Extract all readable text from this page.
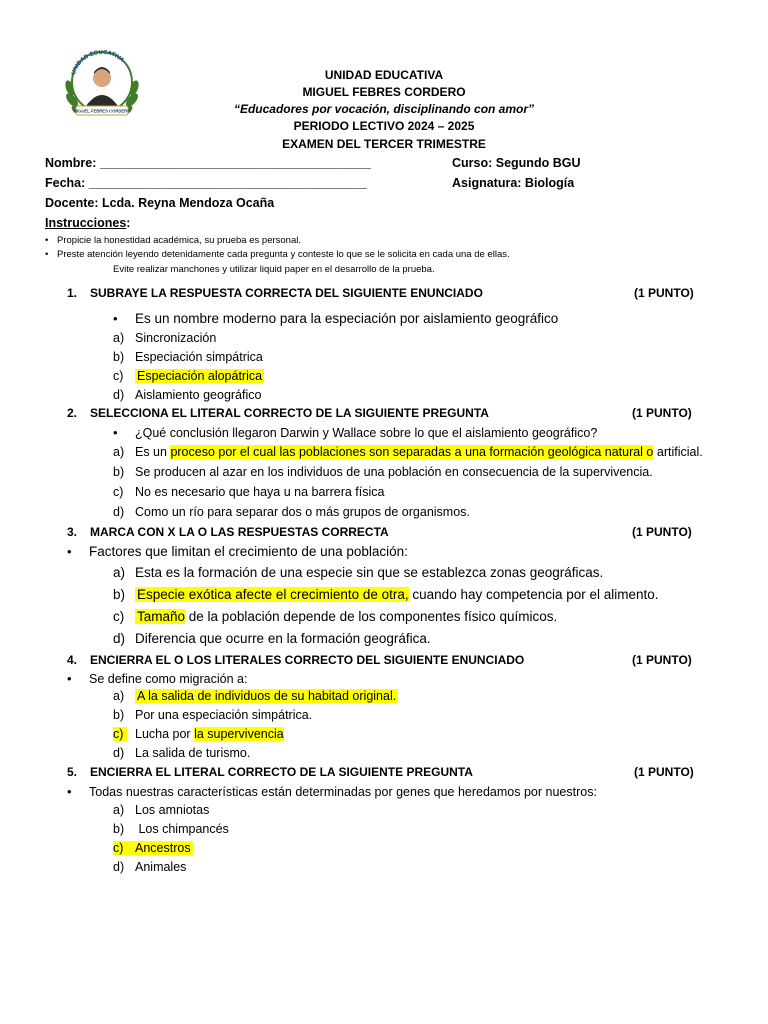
UNIDAD EDUCATIVA
MIGUEL FEBRES CORDERO
UNIDAD EDUCATIVA
MIGUEL FEBRES CORDERO
“Educadores por vocación, disciplinando con amor”
PERIODO LECTIVO 2024 – 2025
EXAMEN DEL TERCER TRIMESTRE
Nombre: _______________________________________	Curso: Segundo BGU
Fecha: ________________________________________	Asignatura: Biología
Docente: Lcda. Reyna Mendoza Ocaña
Instrucciones:
• Propicie la honestidad académica, su prueba es personal.
• Preste atención leyendo detenidamente cada pregunta y conteste lo que se le solicita en cada una de ellas.
Evite realizar manchones y utilizar liquid paper en el desarrollo de la prueba.
1. SUBRAYE LA RESPUESTA CORRECTA DEL SIGUIENTE ENUNCIADO	(1 PUNTO)
• Es un nombre moderno para la especiación por aislamiento geográfico
a) Sincronización
b) Especiación simpátrica
c) Especiación alopátrica
d) Aislamiento geográfico
2. SELECCIONA EL LITERAL CORRECTO DE LA SIGUIENTE PREGUNTA	(1 PUNTO)
• ¿Qué conclusión llegaron Darwin y Wallace sobre lo que el aislamiento geográfico?
a) Es un proceso por el cual las poblaciones son separadas a una formación geológica natural o artificial.
b) Se producen al azar en los individuos de una población en consecuencia de la supervivencia.
c) No es necesario que haya u na barrera física
d) Como un río para separar dos o más grupos de organismos.
3. MARCA CON X LA O LAS RESPUESTAS CORRECTA	(1 PUNTO)
• Factores que limitan el crecimiento de una población:
a) Esta es la formación de una especie sin que se establezca zonas geográficas.
b) Especie exótica afecte el crecimiento de otra, cuando hay competencia por el alimento.
c) Tamaño de la población depende de los componentes físico químicos.
d) Diferencia que ocurre en la formación geográfica.
4. ENCIERRA EL O LOS LITERALES CORRECTO DEL SIGUIENTE ENUNCIADO	(1 PUNTO)
• Se define como migración a:
a) A la salida de individuos de su habitad original.
b) Por una especiación simpátrica.
c) Lucha por la supervivencia
d) La salida de turismo.
5. ENCIERRA EL LITERAL CORRECTO DE LA SIGUIENTE PREGUNTA	(1 PUNTO)
• Todas nuestras características están determinadas por genes que heredamos por nuestros:
a) Los amniotas
b) Los chimpancés
c) Ancestros
d) Animales
